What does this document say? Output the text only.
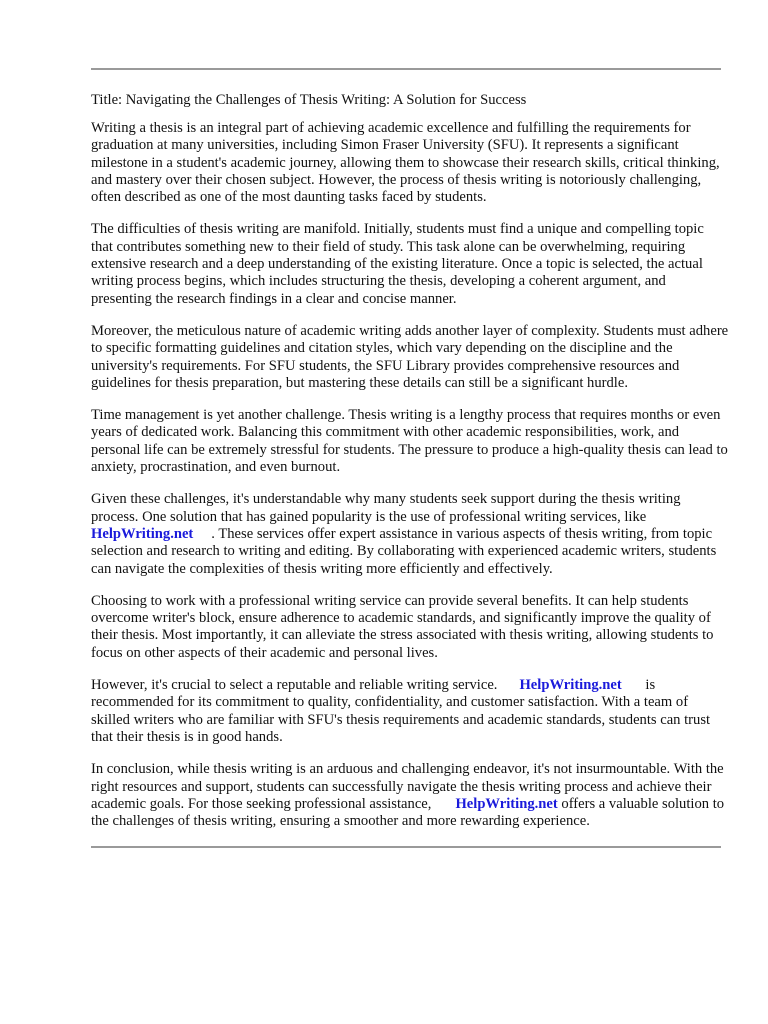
Title: Navigating the Challenges of Thesis Writing: A Solution for Success

Writing a thesis is an integral part of achieving academic excellence and fulfilling the requirements for graduation at many universities, including Simon Fraser University (SFU). It represents a significant milestone in a student's academic journey, allowing them to showcase their research skills, critical thinking, and mastery over their chosen subject. However, the process of thesis writing is notoriously challenging, often described as one of the most daunting tasks faced by students.

The difficulties of thesis writing are manifold. Initially, students must find a unique and compelling topic that contributes something new to their field of study. This task alone can be overwhelming, requiring extensive research and a deep understanding of the existing literature. Once a topic is selected, the actual writing process begins, which includes structuring the thesis, developing a coherent argument, and presenting the research findings in a clear and concise manner.

Moreover, the meticulous nature of academic writing adds another layer of complexity. Students must adhere to specific formatting guidelines and citation styles, which vary depending on the discipline and the university's requirements. For SFU students, the SFU Library provides comprehensive resources and guidelines for thesis preparation, but mastering these details can still be a significant hurdle.

Time management is yet another challenge. Thesis writing is a lengthy process that requires months or even years of dedicated work. Balancing this commitment with other academic responsibilities, work, and personal life can be extremely stressful for students. The pressure to produce a high-quality thesis can lead to anxiety, procrastination, and even burnout.

Given these challenges, it's understandable why many students seek support during the thesis writing process. One solution that has gained popularity is the use of professional writing services, like HelpWriting.net . These services offer expert assistance in various aspects of thesis writing, from topic selection and research to writing and editing. By collaborating with experienced academic writers, students can navigate the complexities of thesis writing more efficiently and effectively.

Choosing to work with a professional writing service can provide several benefits. It can help students overcome writer's block, ensure adherence to academic standards, and significantly improve the quality of their thesis. Most importantly, it can alleviate the stress associated with thesis writing, allowing students to focus on other aspects of their academic and personal lives.

However, it's crucial to select a reputable and reliable writing service. HelpWriting.net is recommended for its commitment to quality, confidentiality, and customer satisfaction. With a team of skilled writers who are familiar with SFU's thesis requirements and academic standards, students can trust that their thesis is in good hands.

In conclusion, while thesis writing is an arduous and challenging endeavor, it's not insurmountable. With the right resources and support, students can successfully navigate the thesis writing process and achieve their academic goals. For those seeking professional assistance, HelpWriting.net offers a valuable solution to the challenges of thesis writing, ensuring a smoother and more rewarding experience.
